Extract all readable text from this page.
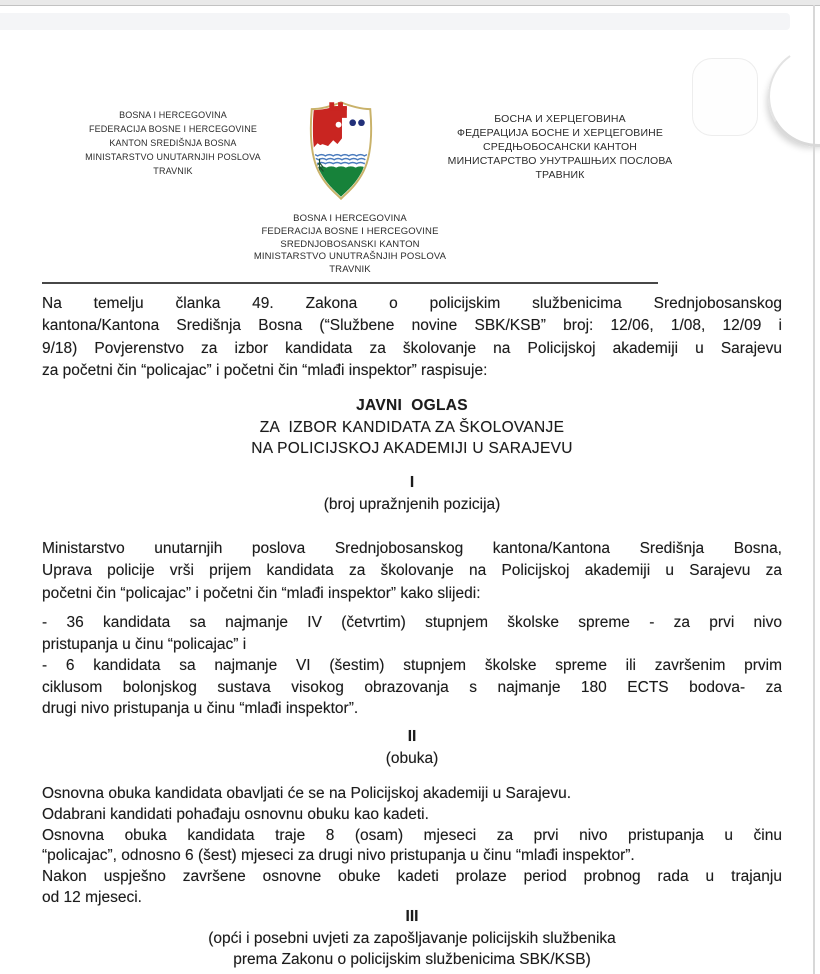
BOSNA I HERCEGOVINA
FEDERACIJA BOSNE I HERCEGOVINE
KANTON SREDIŠNJA BOSNA
MINISTARSTVO UNUTARNJIH POSLOVA
TRAVNIK
БОСНА И ХЕРЦЕГОВИНА
ФЕДЕРАЦИЈА БОСНЕ И ХЕРЦЕГОВИНЕ
СРЕДЊОБОСАНСКИ КАНТОН
МИНИСТАРСТВО УНУТРАШЊИХ ПОСЛОВА
ТРАВНИК
BOSNA I HERCEGOVINA
FEDERACIJA BOSNE I HERCEGOVINE
SREDNJOBOSANSKI KANTON
MINISTARSTVO UNUTRAŠNJIH POSLOVA
TRAVNIK
Na temelju članka 49. Zakona o policijskim službenicima Srednjobosanskog
kantona/Kantona Središnja Bosna (“Službene novine SBK/KSB” broj: 12/06, 1/08, 12/09 i
9/18) Povjerenstvo za izbor kandidata za školovanje na Policijskoj akademiji u Sarajevu
za početni čin “policajac” i početni čin “mlađi inspektor” raspisuje:
JAVNI  OGLAS
ZA  IZBOR KANDIDATA ZA ŠKOLOVANJE
NA POLICIJSKOJ AKADEMIJI U SARAJEVU
I
(broj upražnjenih pozicija)
Ministarstvo unutarnjih poslova Srednjobosanskog kantona/Kantona Središnja Bosna,
Uprava policije vrši prijem kandidata za školovanje na Policijskoj akademiji u Sarajevu za
početni čin “policajac” i početni čin “mlađi inspektor” kako slijedi:
- 36 kandidata sa najmanje IV (četvrtim) stupnjem školske spreme - za prvi nivo
pristupanja u činu “policajac” i
- 6 kandidata sa najmanje VI (šestim) stupnjem školske spreme ili završenim prvim
ciklusom bolonjskog sustava visokog obrazovanja s najmanje 180 ECTS bodova- za
drugi nivo pristupanja u činu “mlađi inspektor”.
II
(obuka)
Osnovna obuka kandidata obavljati će se na Policijskoj akademiji u Sarajevu.
Odabrani kandidati pohađaju osnovnu obuku kao kadeti.
Osnovna obuka kandidata traje 8 (osam) mjeseci za prvi nivo pristupanja u činu
“policajac”, odnosno 6 (šest) mjeseci za drugi nivo pristupanja u činu “mlađi inspektor”.
Nakon uspješno završene osnovne obuke kadeti prolaze period probnog rada u trajanju
od 12 mjeseci.
III
(opći i posebni uvjeti za zapošljavanje policijskih službenika
prema Zakonu o policijskim službenicima SBK/KSB)
